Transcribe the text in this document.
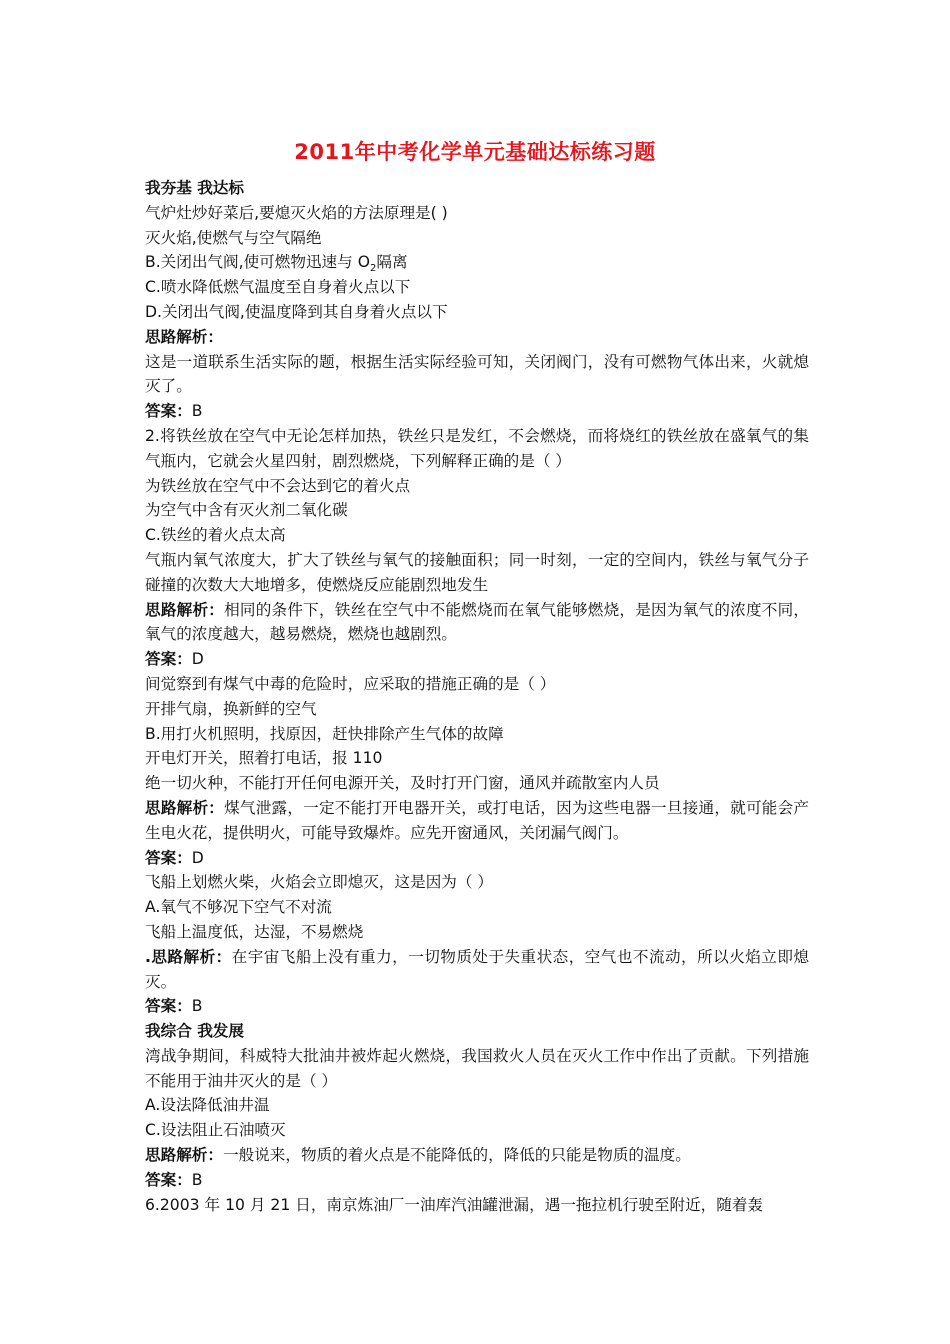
2011年中考化学单元基础达标练习题

我夯基 我达标

气炉灶炒好菜后,要熄灭火焰的方法原理是( )

灭火焰,使燃气与空气隔绝

B.关闭出气阀,使可燃物迅速与 $O_2$隔离

C.喷水降低燃气温度至自身着火点以下

D.关闭出气阀,使温度降到其自身着火点以下

思路解析：

这是一道联系生活实际的题，根据生活实际经验可知，关闭阀门，没有可燃物气体出来，火就熄灭了。

答案：B

2.将铁丝放在空气中无论怎样加热，铁丝只是发红，不会燃烧，而将烧红的铁丝放在盛氧气的集气瓶内，它就会火星四射，剧烈燃烧，下列解释正确的是（ ）

为铁丝放在空气中不会达到它的着火点

为空气中含有灭火剂二氧化碳

C.铁丝的着火点太高

气瓶内氧气浓度大，扩大了铁丝与氧气的接触面积；同一时刻，一定的空间内，铁丝与氧气分子碰撞的次数大大地增多，使燃烧反应能剧烈地发生

思路解析：相同的条件下，铁丝在空气中不能燃烧而在氧气能够燃烧，是因为氧气的浓度不同，氧气的浓度越大，越易燃烧，燃烧也越剧烈。

答案：D

间觉察到有煤气中毒的危险时，应采取的措施正确的是（ ）

开排气扇，换新鲜的空气

B.用打火机照明，找原因，赶快排除产生气体的故障

开电灯开关，照着打电话，报 110

绝一切火种，不能打开任何电源开关，及时打开门窗，通风并疏散室内人员

思路解析：煤气泄露，一定不能打开电器开关，或打电话，因为这些电器一旦接通，就可能会产生电火花，提供明火，可能导致爆炸。应先开窗通风，关闭漏气阀门。

答案：D

飞船上划燃火柴，火焰会立即熄灭，这是因为（ ）

A.氧气不够况下空气不对流

飞船上温度低，达湿，不易燃烧

.思路解析：在宇宙飞船上没有重力，一切物质处于失重状态，空气也不流动，所以火焰立即熄灭。

答案：B

我综合 我发展

湾战争期间，科威特大批油井被炸起火燃烧，我国救火人员在灭火工作中作出了贡献。下列措施不能用于油井灭火的是（ ）

A.设法降低油井温

C.设法阻止石油喷灭

思路解析：一般说来，物质的着火点是不能降低的，降低的只能是物质的温度。

答案：B

6.2003 年 10 月 21 日，南京炼油厂一油库汽油罐泄漏，遇一拖拉机行驶至附近，随着轰
